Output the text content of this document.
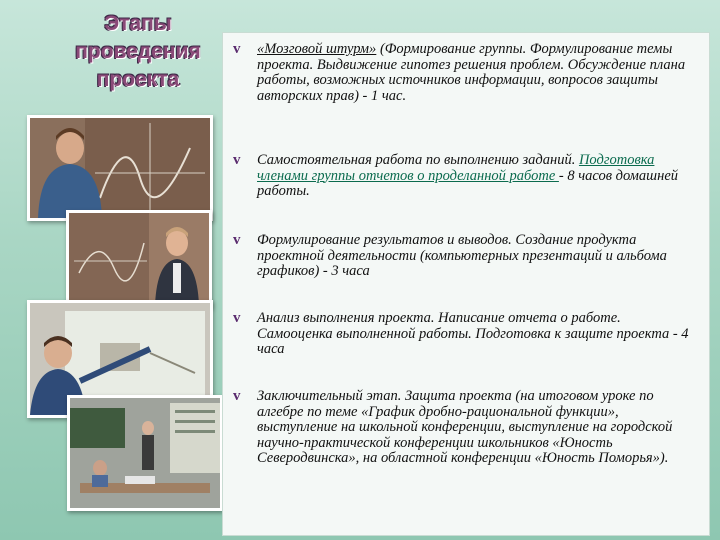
Этапы
проведения
проекта
v	«Мозговой штурм» (Формирование группы. Формулирование темы проекта. Выдвижение гипотез решения проблем. Обсуждение плана работы, возможных источников информации, вопросов защиты авторских прав) - 1 час.
v	Самостоятельная работа по выполнению заданий. Подготовка членами группы отчетов о проделанной работе - 8 часов домашней работы.
v	Формулирование результатов и выводов. Создание продукта проектной деятельности (компьютерных презентаций и альбома графиков) - 3 часа
v	Анализ выполнения проекта. Написание отчета о работе. Самооценка выполненной работы. Подготовка к защите проекта - 4 часа
v	Заключительный этап. Защита проекта (на итоговом уроке по алгебре по теме «График дробно-рациональной функции», выступление на школьной конференции, выступление на городской научно-практической конференции школьников «Юность Северодвинска», на областной конференции «Юность Поморья»).
